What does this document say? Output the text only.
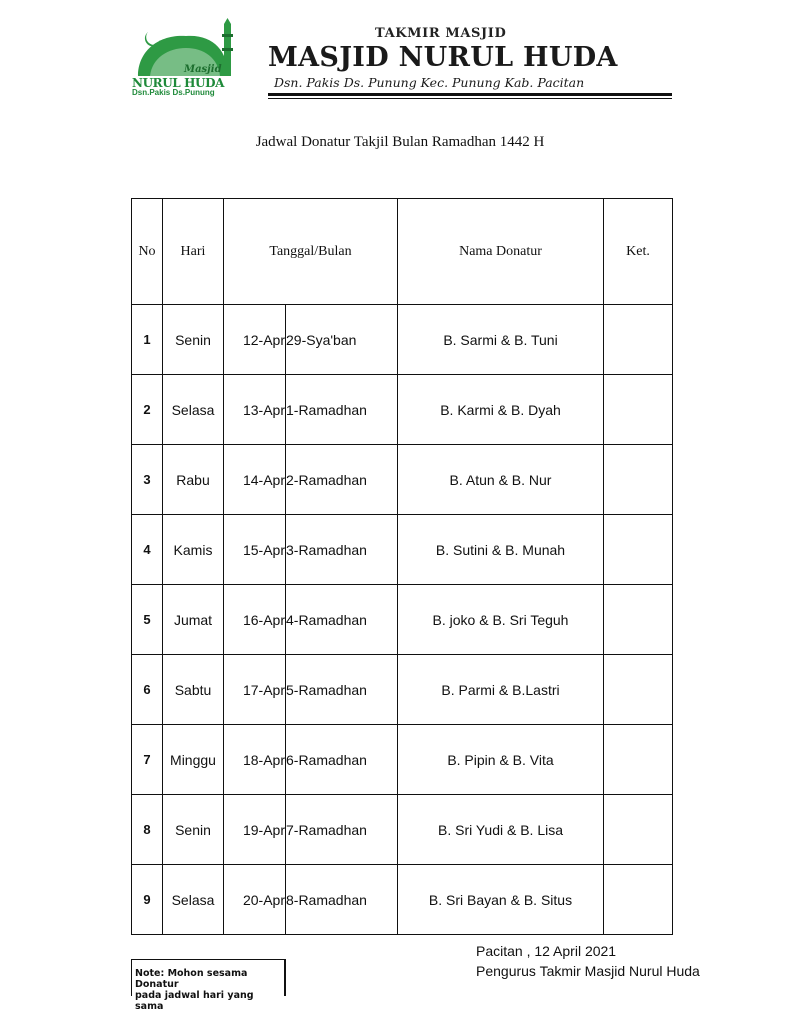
Masjid
NURUL HUDA
Dsn.Pakis Ds.Punung
TAKMIR MASJID
MASJID NURUL HUDA
Dsn. Pakis Ds. Punung Kec. Punung Kab. Pacitan
Jadwal Donatur Takjil Bulan Ramadhan 1442 H
No	Hari	Tanggal/Bulan		Nama Donatur	Ket.
1	Senin	12-Apr	29-Sya'ban	B. Sarmi & B. Tuni	
2	Selasa	13-Apr	1-Ramadhan	B. Karmi & B. Dyah	
3	Rabu	14-Apr	2-Ramadhan	B. Atun & B. Nur	
4	Kamis	15-Apr	3-Ramadhan	B. Sutini & B. Munah	
5	Jumat	16-Apr	4-Ramadhan	B. joko & B. Sri Teguh	
6	Sabtu	17-Apr	5-Ramadhan	B. Parmi & B.Lastri	
7	Minggu	18-Apr	6-Ramadhan	B. Pipin & B. Vita	
8	Senin	19-Apr	7-Ramadhan	B. Sri Yudi & B. Lisa	
9	Selasa	20-Apr	8-Ramadhan	B. Sri Bayan & B. Situs	
Pacitan , 12 April 2021
Pengurus Takmir Masjid Nurul Huda
Note: Mohon sesama Donatur
pada jadwal hari yang sama
